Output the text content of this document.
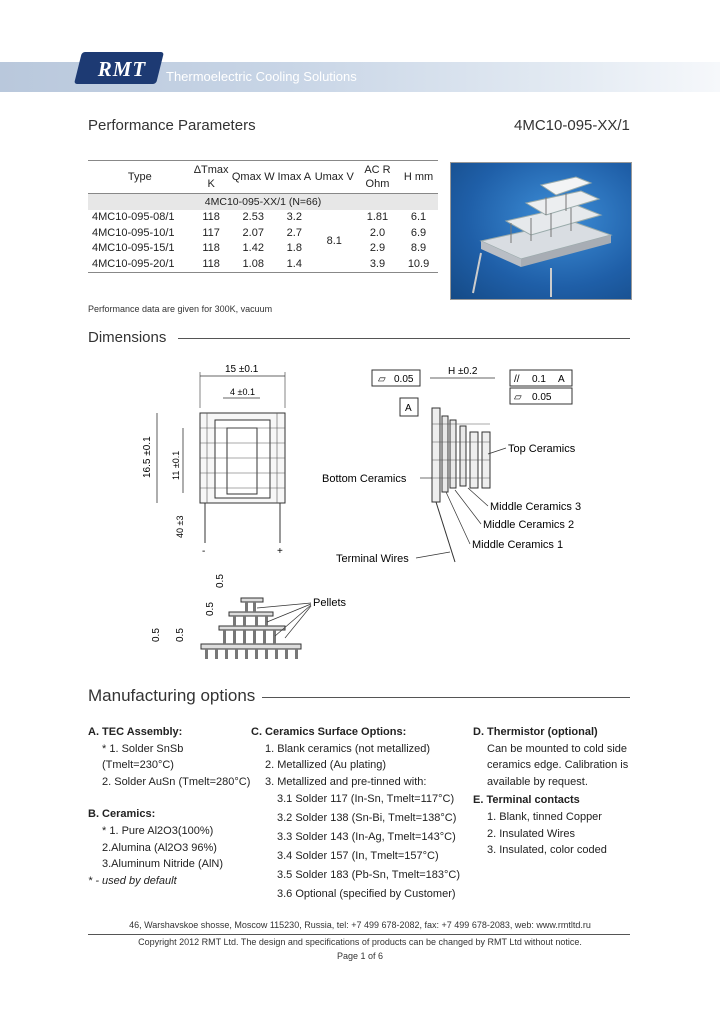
RMT	Thermoelectric Cooling Solutions
Performance Parameters	4MC10-095-XX/1
Type	ΔTmax K	Qmax W	Imax A	Umax V	AC R Ohm	H mm
4MC10-095-XX/1 (N=66)						
4MC10-095-08/1	118	2.53	3.2	8.1	1.81	6.1
4MC10-095-10/1	117	2.07	2.7		2.0	6.9
4MC10-095-15/1	118	1.42	1.8		2.9	8.9
4MC10-095-20/1	118	1.08	1.4		3.9	10.9
Performance data are given for 300K, vacuum
Dimensions
15 ±0.1
4 ±0.1
16.5 ±0.1 11 ±0.1
40 ±3
-	+
⏥ 0.05
H ±0.2
// 0.1 A
⏥ 0.05
A
Top Ceramics
Bottom Ceramics
Middle Ceramics 3
Middle Ceramics 2
Middle Ceramics 1
Terminal Wires
0.5
0.5
0.5
0.5
Pellets
Manufacturing options
A. TEC Assembly:
* 1. Solder SnSb (Tmelt=230°C)
2. Solder AuSn (Tmelt=280°C)
B. Ceramics:
* 1. Pure Al2O3(100%)
2.Alumina (Al2O3 96%)
3.Aluminum Nitride (AlN)
* - used by default
C. Ceramics Surface Options:
1. Blank ceramics (not metallized)
2. Metallized (Au plating)
3. Metallized and pre-tinned with:
3.1 Solder 117 (In-Sn, Tmelt=117°C)
3.2 Solder 138 (Sn-Bi, Tmelt=138°C)
3.3 Solder 143 (In-Ag, Tmelt=143°C)
3.4 Solder 157 (In, Tmelt=157°C)
3.5 Solder 183 (Pb-Sn, Tmelt=183°C)
3.6 Optional (specified by Customer)
D. Thermistor (optional)
Can be mounted to cold side
ceramics edge. Calibration is
available by request.
E. Terminal contacts
1. Blank, tinned Copper
2. Insulated Wires
3. Insulated, color coded
46, Warshavskoe shosse, Moscow 115230, Russia, tel: +7 499 678-2082, fax: +7 499 678-2083, web: www.rmtltd.ru
Copyright 2012 RMT Ltd. The design and specifications of products can be changed by RMT Ltd without notice.
Page 1 of 6
